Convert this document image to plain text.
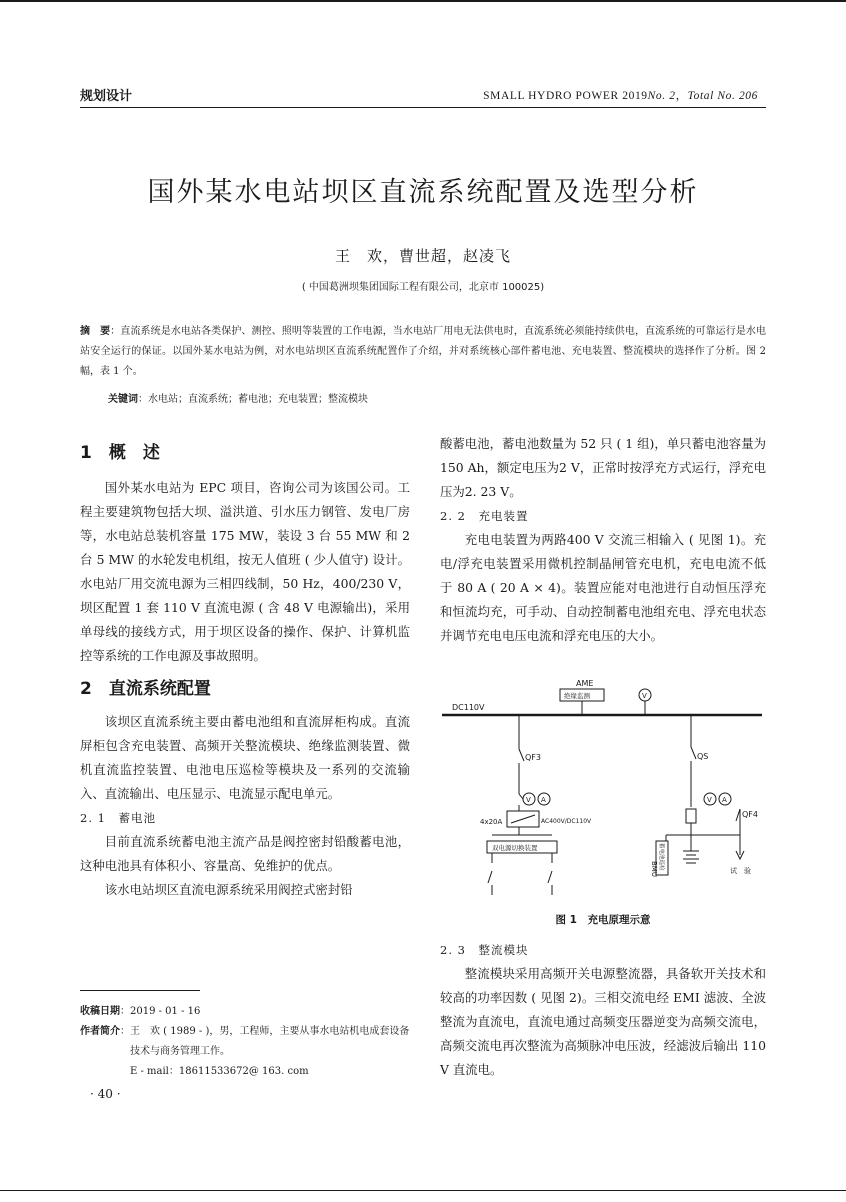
规划设计	SMALL HYDRO POWER 2019No. 2，Total No. 206
国外某水电站坝区直流系统配置及选型分析
王　欢，曹世超，赵凌飞
( 中国葛洲坝集团国际工程有限公司，北京市 100025)
摘　要：直流系统是水电站各类保护、测控、照明等装置的工作电源，当水电站厂用电无法供电时，直流系统必须能持续供电，直流系统的可靠运行是水电站安全运行的保证。以国外某水电站为例，对水电站坝区直流系统配置作了介绍，并对系统核心部件蓄电池、充电装置、整流模块的选择作了分析。图 2 幅，表 1 个。
关键词：水电站；直流系统；蓄电池；充电装置；整流模块

1　概　述

国外某水电站为 EPC 项目，咨询公司为该国公司。工程主要建筑物包括大坝、溢洪道、引水压力钢管、发电厂房等，水电站总装机容量 175 MW，装设 3 台 55 MW 和 2 台 5 MW 的水轮发电机组，按无人值班 ( 少人值守) 设计。水电站厂用交流电源为三相四线制，50 Hz，400/230 V，坝区配置 1 套 110 V 直流电源 ( 含 48 V 电源输出)，采用单母线的接线方式，用于坝区设备的操作、保护、计算机监控等系统的工作电源及事故照明。

2　直流系统配置

该坝区直流系统主要由蓄电池组和直流屏柜构成。直流屏柜包含充电装置、高频开关整流模块、绝缘监测装置、微机直流监控装置、电池电压巡检等模块及一系列的交流输入、直流输出、电压显示、电流显示配电单元。

2. 1　蓄电池

目前直流系统蓄电池主流产品是阀控密封铅酸蓄电池，这种电池具有体积小、容量高、免维护的优点。

该水电站坝区直流电源系统采用阀控式密封铅

收稿日期：2019 - 01 - 16
作者简介 ： 王　欢 ( 1989 - )，男，工程师，主要从事水电站机电成套设备技术与商务管理工作。
E - mail：18611533672@ 163. com
· 40 ·

酸蓄电池，蓄电池数量为 52 只 ( 1 组)，单只蓄电池容量为150 Ah，额定电压为2 V，正常时按浮充方式运行，浮充电压为2. 23 V。

2. 2　充电装置

充电电装置为两路400 V 交流三相输入 ( 见图 1)。充电/浮充电装置采用微机控制晶闸管充电机，充电电流不低于 80 A ( 20 A × 4)。装置应能对电池进行自动恒压浮充和恒流均充，可手动、自动控制蓄电池组充电、浮充电状态并调节充电电压电流和浮充电压的大小。

DC110V
AME
绝缘监测	V
QF3
V A
4x20A	AC400V/DC110V
双电源切换装置
QS
V A
QF4
试　验
BMU 蓄电池巡检
图 1　充电原理示意

2. 3　整流模块

整流模块采用高频开关电源整流器，具备软开关技术和较高的功率因数 ( 见图 2)。三相交流电经 EMI 滤波、全波整流为直流电，直流电通过高频变压器逆变为高频交流电，高频交流电再次整流为高频脉冲电压波，经滤波后输出 110 V 直流电。
